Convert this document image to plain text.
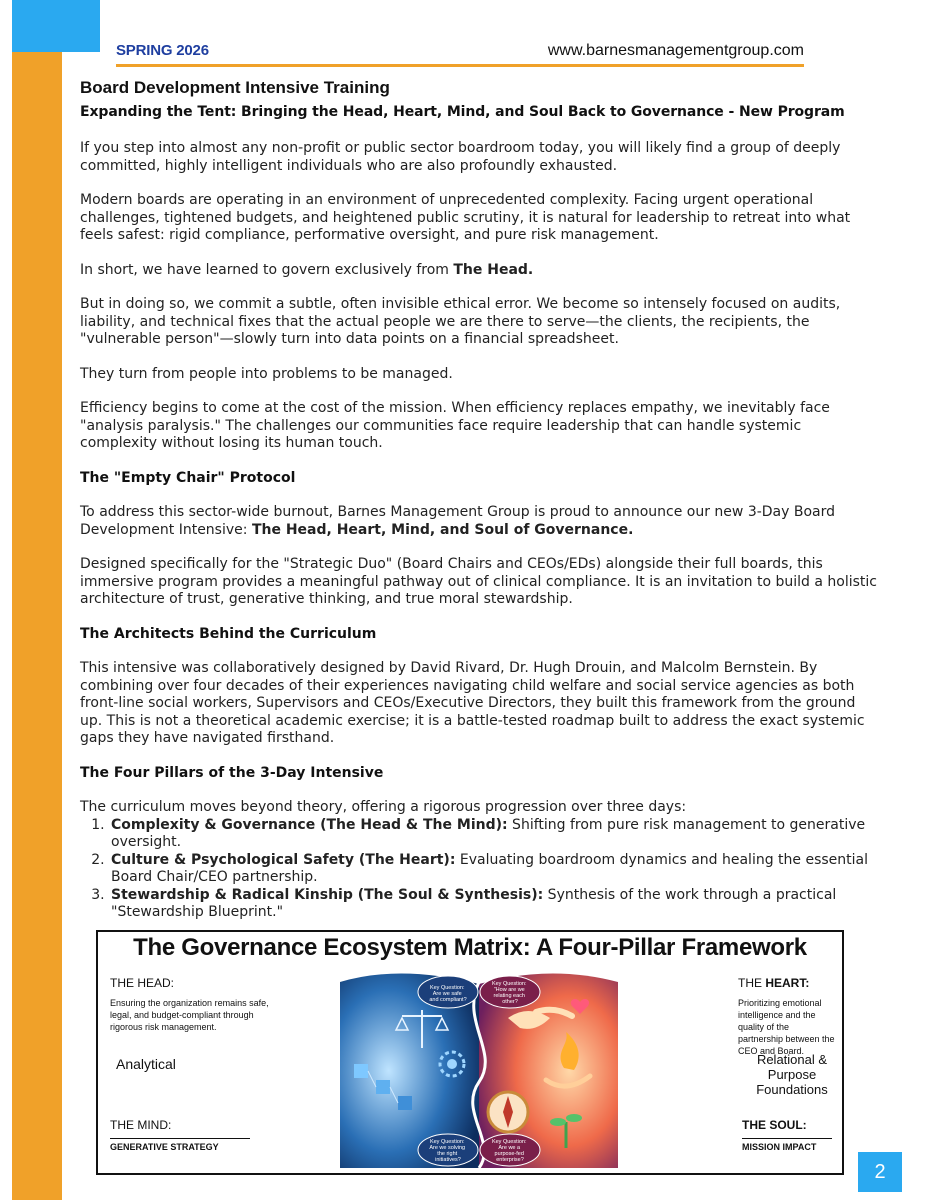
SPRING 2026	www.barnesmanagementgroup.com
Board Development Intensive Training
Expanding the Tent: Bringing the Head, Heart, Mind, and Soul Back to Governance - New Program

If you step into almost any non-profit or public sector boardroom today, you will likely find a group of deeply committed, highly intelligent individuals who are also profoundly exhausted.

Modern boards are operating in an environment of unprecedented complexity. Facing urgent operational challenges, tightened budgets, and heightened public scrutiny, it is natural for leadership to retreat into what feels safest: rigid compliance, performative oversight, and pure risk management.

In short, we have learned to govern exclusively from The Head.

But in doing so, we commit a subtle, often invisible ethical error. We become so intensely focused on audits, liability, and technical fixes that the actual people we are there to serve—the clients, the recipients, the "vulnerable person"—slowly turn into data points on a financial spreadsheet.

They turn from people into problems to be managed.

Efficiency begins to come at the cost of the mission. When efficiency replaces empathy, we inevitably face "analysis paralysis." The challenges our communities face require leadership that can handle systemic complexity without losing its human touch.

The "Empty Chair" Protocol

To address this sector-wide burnout, Barnes Management Group is proud to announce our new 3-Day Board Development Intensive: The Head, Heart, Mind, and Soul of Governance.

Designed specifically for the "Strategic Duo" (Board Chairs and CEOs/EDs) alongside their full boards, this immersive program provides a meaningful pathway out of clinical compliance. It is an invitation to build a holistic architecture of trust, generative thinking, and true moral stewardship.

The Architects Behind the Curriculum

This intensive was collaboratively designed by David Rivard, Dr. Hugh Drouin, and Malcolm Bernstein. By combining over four decades of their experiences navigating child welfare and social service agencies as both front-line social workers, Supervisors and CEOs/Executive Directors, they built this framework from the ground up. This is not a theoretical academic exercise; it is a battle-tested roadmap built to address the exact systemic gaps they have navigated firsthand.

The Four Pillars of the 3-Day Intensive

The curriculum moves beyond theory, offering a rigorous progression over three days:

1. Complexity & Governance (The Head & The Mind): Shifting from pure risk management to generative oversight.
2. Culture & Psychological Safety (The Heart): Evaluating boardroom dynamics and healing the essential Board Chair/CEO partnership.
3. Stewardship & Radical Kinship (The Soul & Synthesis): Synthesis of the work through a practical "Stewardship Blueprint."
The Governance Ecosystem Matrix: A Four-Pillar Framework
THE HEAD:
Ensuring the organization remains safe, legal, and budget-compliant through rigorous risk management.
Analytical
THE MIND:
GENERATIVE STRATEGY
THE HEART:
Prioritizing emotional intelligence and the quality of the partnership between the CEO and Board.
Relational & Purpose Foundations
THE SOUL:
MISSION IMPACT
Key Question: Are we safe and compliant?
Key Question: "How are we relating each other?
Key Question: Are we solving the right initiatives?
Key Question: Are we a purpose-fed enterprise?
2
